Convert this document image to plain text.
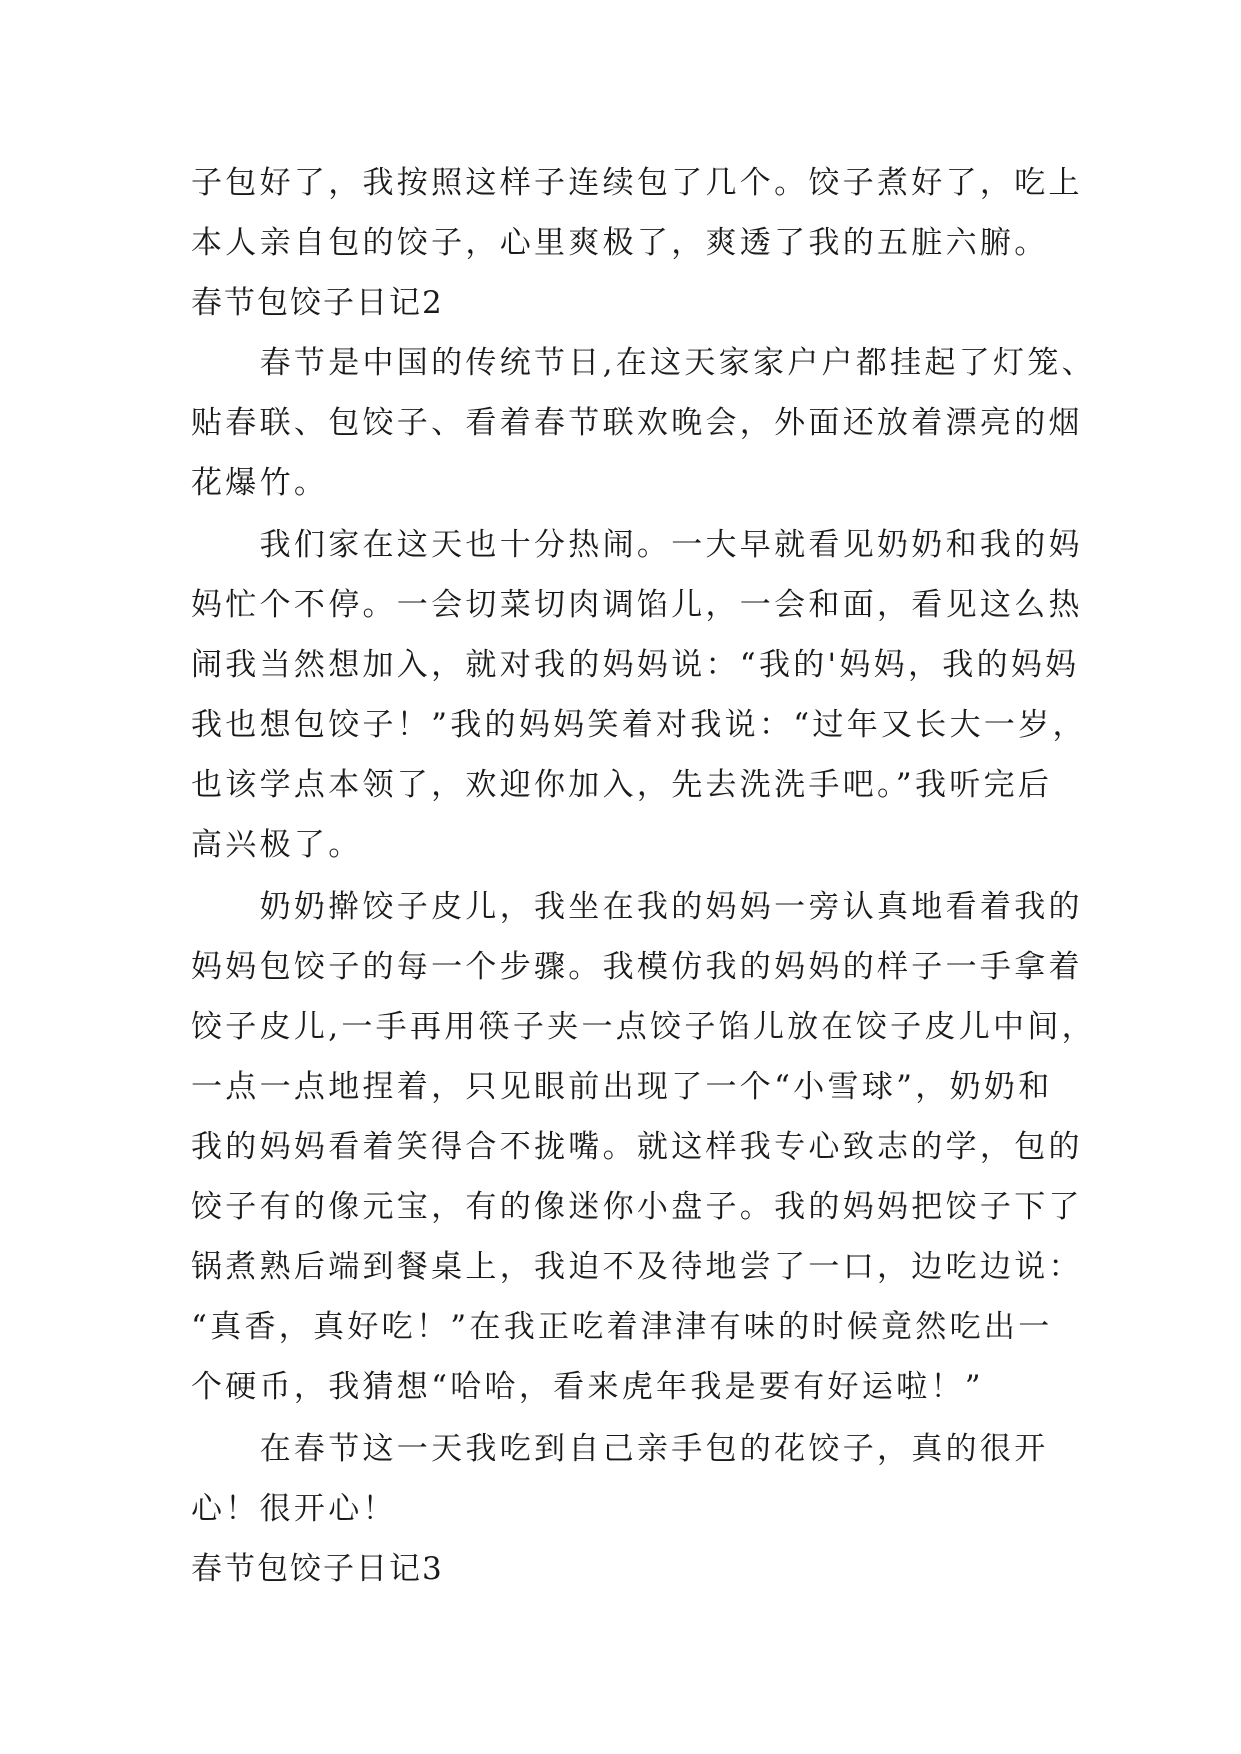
子包好了，我按照这样子连续包了几个。饺子煮好了，吃上
本人亲自包的饺子，心里爽极了，爽透了我的五脏六腑。
春节包饺子日记2
　　春节是中国的传统节日,在这天家家户户都挂起了灯笼、
贴春联、包饺子、看着春节联欢晚会，外面还放着漂亮的烟
花爆竹。
　　我们家在这天也十分热闹。一大早就看见奶奶和我的妈
妈忙个不停。一会切菜切肉调馅儿，一会和面，看见这么热
闹我当然想加入，就对我的妈妈说：“我的'妈妈，我的妈妈
我也想包饺子！”我的妈妈笑着对我说：“过年又长大一岁，
也该学点本领了，欢迎你加入，先去洗洗手吧。”我听完后
高兴极了。
　　奶奶擀饺子皮儿，我坐在我的妈妈一旁认真地看着我的
妈妈包饺子的每一个步骤。我模仿我的妈妈的样子一手拿着
饺子皮儿,一手再用筷子夹一点饺子馅儿放在饺子皮儿中间，
一点一点地捏着，只见眼前出现了一个“小雪球”，奶奶和
我的妈妈看着笑得合不拢嘴。就这样我专心致志的学，包的
饺子有的像元宝，有的像迷你小盘子。我的妈妈把饺子下了
锅煮熟后端到餐桌上，我迫不及待地尝了一口，边吃边说：
“真香，真好吃！”在我正吃着津津有味的时候竟然吃出一
个硬币，我猜想“哈哈，看来虎年我是要有好运啦！”
　　在春节这一天我吃到自己亲手包的花饺子，真的很开
心！很开心！
春节包饺子日记3
